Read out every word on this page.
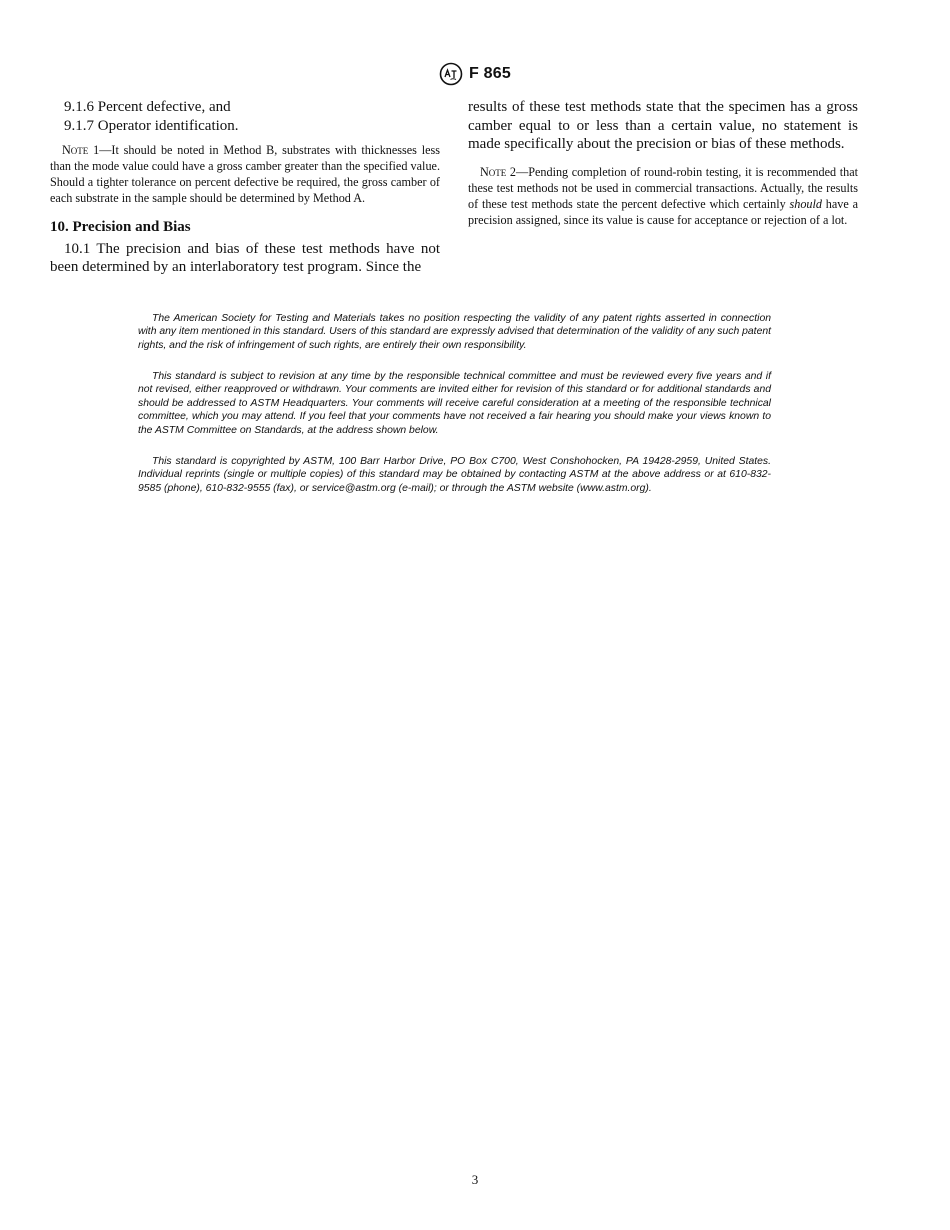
F 865

9.1.6 Percent defective, and

9.1.7 Operator identification.

Note 1—It should be noted in Method B, substrates with thicknesses less than the mode value could have a gross camber greater than the specified value. Should a tighter tolerance on percent defective be required, the gross camber of each substrate in the sample should be determined by Method A.

10. Precision and Bias

10.1 The precision and bias of these test methods have not been determined by an interlaboratory test program. Since the

results of these test methods state that the specimen has a gross camber equal to or less than a certain value, no statement is made specifically about the precision or bias of these methods.

Note 2—Pending completion of round-robin testing, it is recommended that these test methods not be used in commercial transactions. Actually, the results of these test methods state the percent defective which certainly should have a precision assigned, since its value is cause for acceptance or rejection of a lot.

The American Society for Testing and Materials takes no position respecting the validity of any patent rights asserted in connection with any item mentioned in this standard. Users of this standard are expressly advised that determination of the validity of any such patent rights, and the risk of infringement of such rights, are entirely their own responsibility.

This standard is subject to revision at any time by the responsible technical committee and must be reviewed every five years and if not revised, either reapproved or withdrawn. Your comments are invited either for revision of this standard or for additional standards and should be addressed to ASTM Headquarters. Your comments will receive careful consideration at a meeting of the responsible technical committee, which you may attend. If you feel that your comments have not received a fair hearing you should make your views known to the ASTM Committee on Standards, at the address shown below.

This standard is copyrighted by ASTM, 100 Barr Harbor Drive, PO Box C700, West Conshohocken, PA 19428-2959, United States. Individual reprints (single or multiple copies) of this standard may be obtained by contacting ASTM at the above address or at 610-832-9585 (phone), 610-832-9555 (fax), or service@astm.org (e-mail); or through the ASTM website (www.astm.org).

3
